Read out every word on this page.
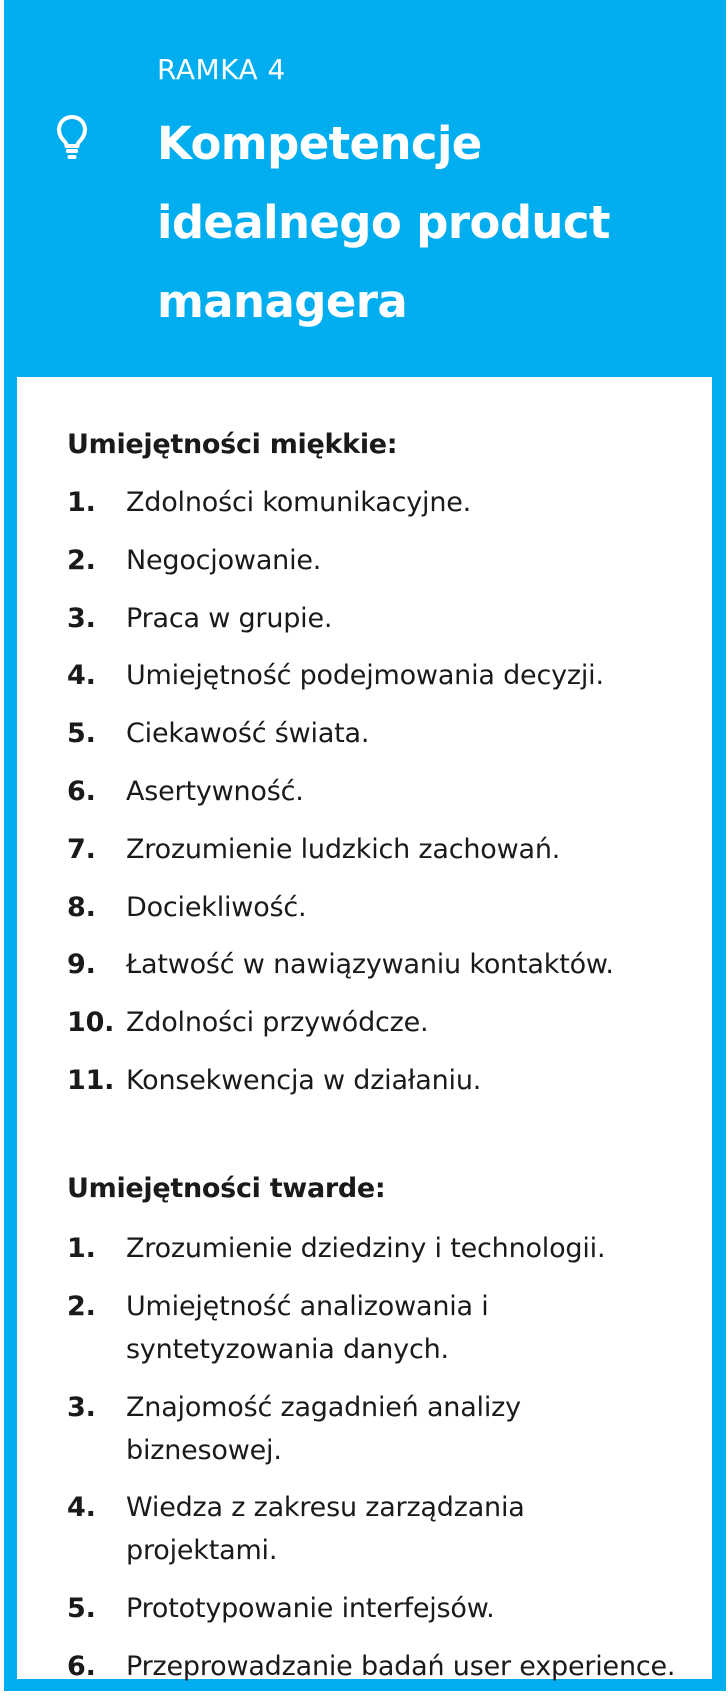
RAMKA 4
Kompetencje idealnego product managera
Umiejętności miękkie:
1.	Zdolności komunikacyjne.
2.	Negocjowanie.
3.	Praca w grupie.
4.	Umiejętność podejmowania decyzji.
5.	Ciekawość świata.
6.	Asertywność.
7.	Zrozumienie ludzkich zachowań.
8.	Dociekliwość.
9.	Łatwość w nawiązywaniu kontaktów.
10. Zdolności przywódcze.
11. Konsekwencja w działaniu.
Umiejętności twarde:
1.	Zrozumienie dziedziny i technologii.
2.	Umiejętność analizowania i syntetyzowania danych.
3.	Znajomość zagadnień analizy biznesowej.
4.	Wiedza z zakresu zarządzania projektami.
5.	Prototypowanie interfejsów.
6.	Przeprowadzanie badań user experience.
